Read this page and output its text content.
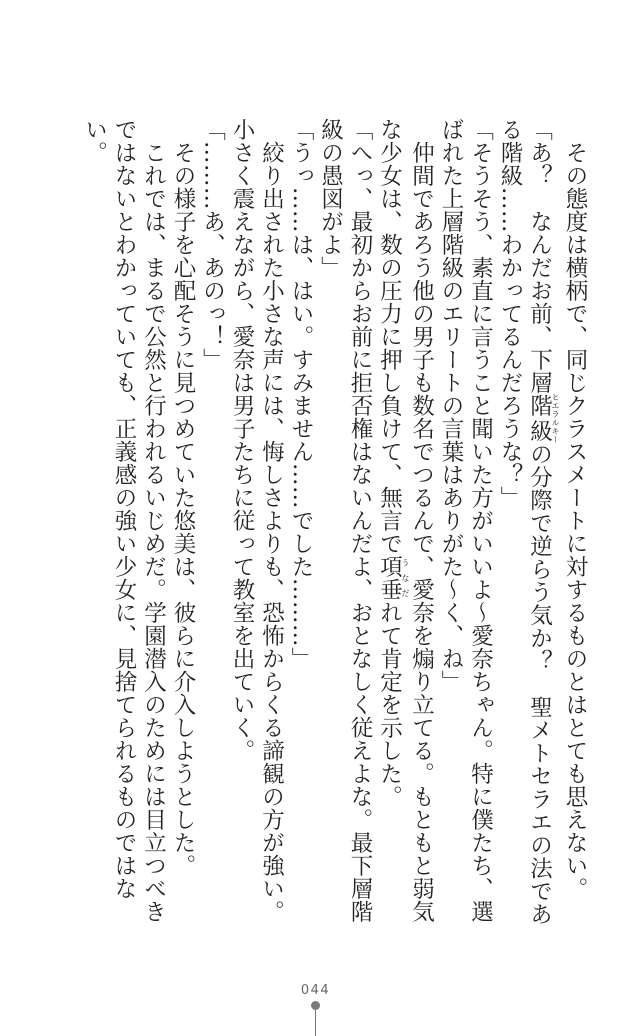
その態度は横柄で、同じクラスメートに対するものとはとても思えない。

「あ？　なんだお前、下層階級ヒエラルキーの分際で逆らう気か？　聖メトセラエの法である階級……わかってるんだろうな？」

「そうそう、素直に言うこと聞いた方がいいよ～愛奈ちゃん。特に僕たち、選ばれた上層階級のエリートの言葉はありがた～く、ね」

仲間であろう他の男子も数名でつるんで、愛奈を煽り立てる。もともと弱気な少女は、数の圧力に押し負けて、無言で項垂うなだれて肯定を示した。

「へっ、最初からお前に拒否権はないんだよ、おとなしく従えよな。最下層階級の愚図がよ」

「うっ……は、はい。すみません……でした………」

絞り出された小さな声には、悔しさよりも、恐怖からくる諦観の方が強い。小さく震えながら、愛奈は男子たちに従って教室を出ていく。

「………あ、あのっ！」

その様子を心配そうに見つめていた悠美は、彼らに介入しようとした。

これでは、まるで公然と行われるいじめだ。学園潜入のためには目立つべきではないとわかっていても、正義感の強い少女に、見捨てられるものではない。

044
